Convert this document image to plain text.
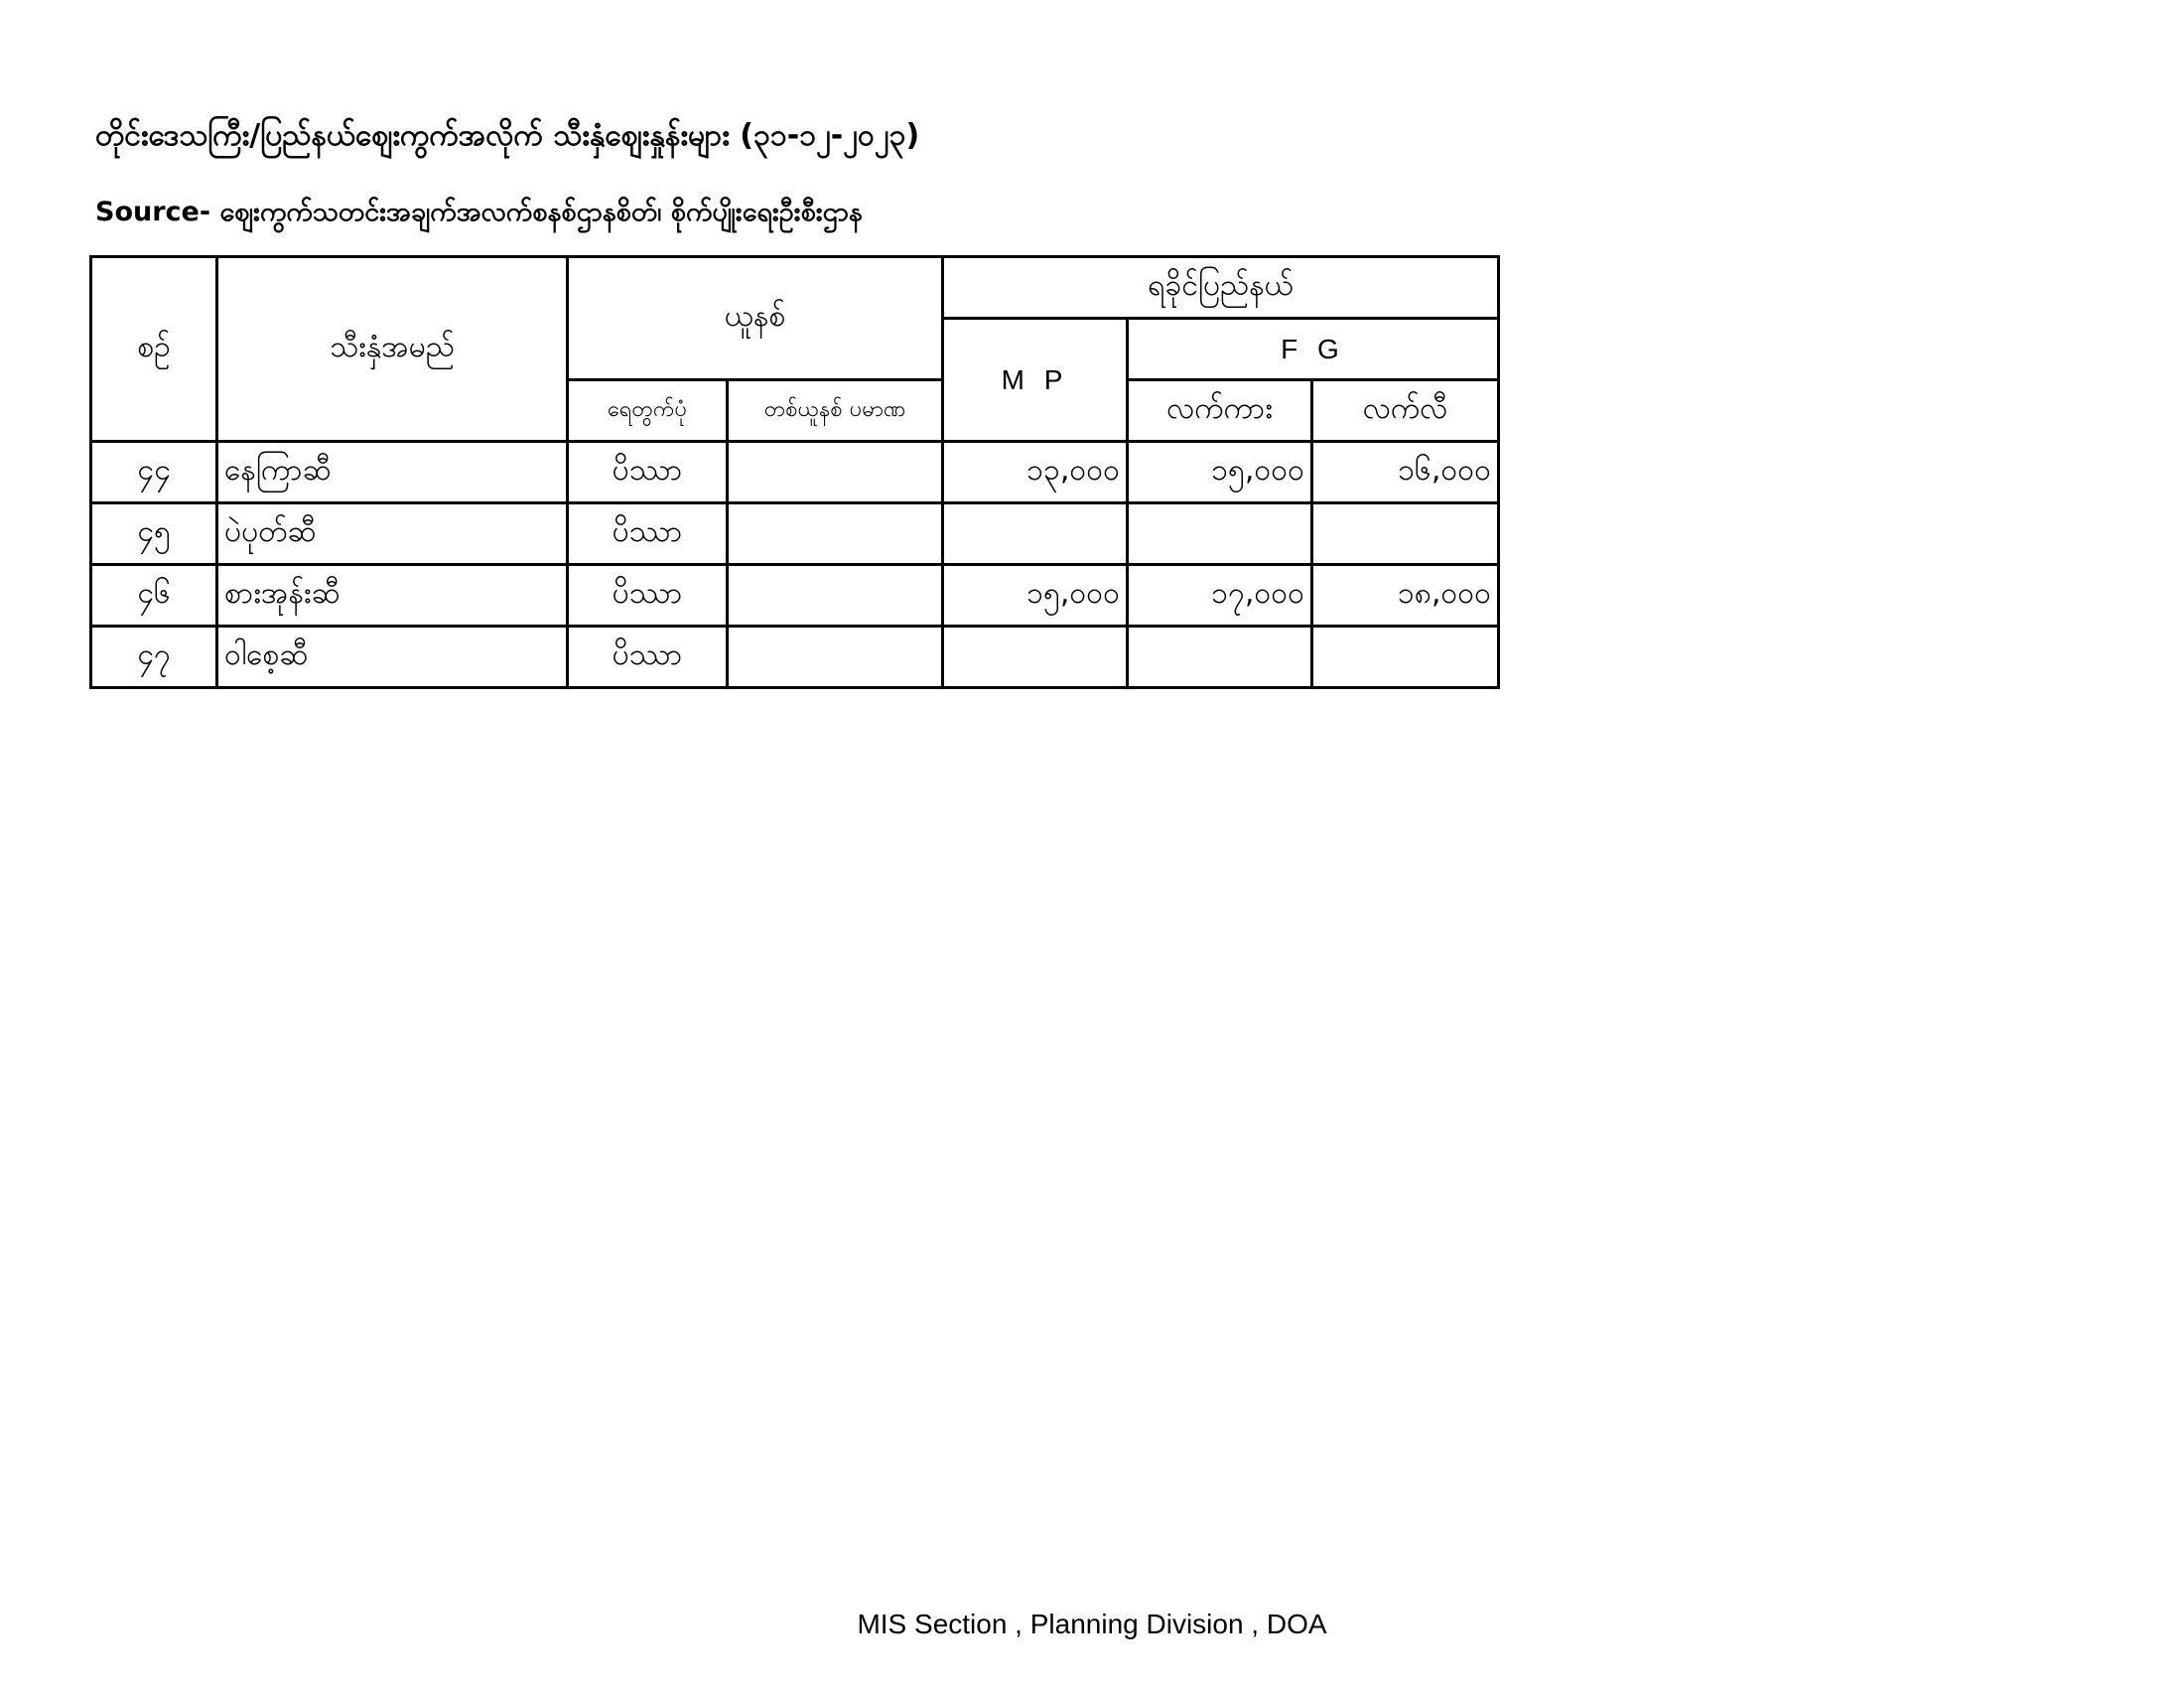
တိုင်းဒေသကြီး/ပြည်နယ်ဈေးကွက်အလိုက် သီးနှံဈေးနှုန်းများ (၃၁-၁၂-၂၀၂၃)
Source- ဈေးကွက်သတင်းအချက်အလက်စနစ်ဌာနစိတ်၊ စိုက်ပျိုးရေးဦးစီးဌာန
စဉ်	သီးနှံအမည်	ယူနစ်		ရခိုင်ပြည်နယ်		
				M P	F G	
		ရေတွက်ပုံ	တစ်ယူနစ် ပမာဏ		လက်ကား	လက်လီ
၄၄	နေကြာဆီ	ပိဿာ		၁၃,၀၀၀	၁၅,၀၀၀	၁၆,၀၀၀
၄၅	ပဲပုတ်ဆီ	ပိဿာ				
၄၆	စားအုန်းဆီ	ပိဿာ		၁၅,၀၀၀	၁၇,၀၀၀	၁၈,၀၀၀
၄၇	ဝါစေ့ဆီ	ပိဿာ				
MIS Section , Planning Division , DOA
